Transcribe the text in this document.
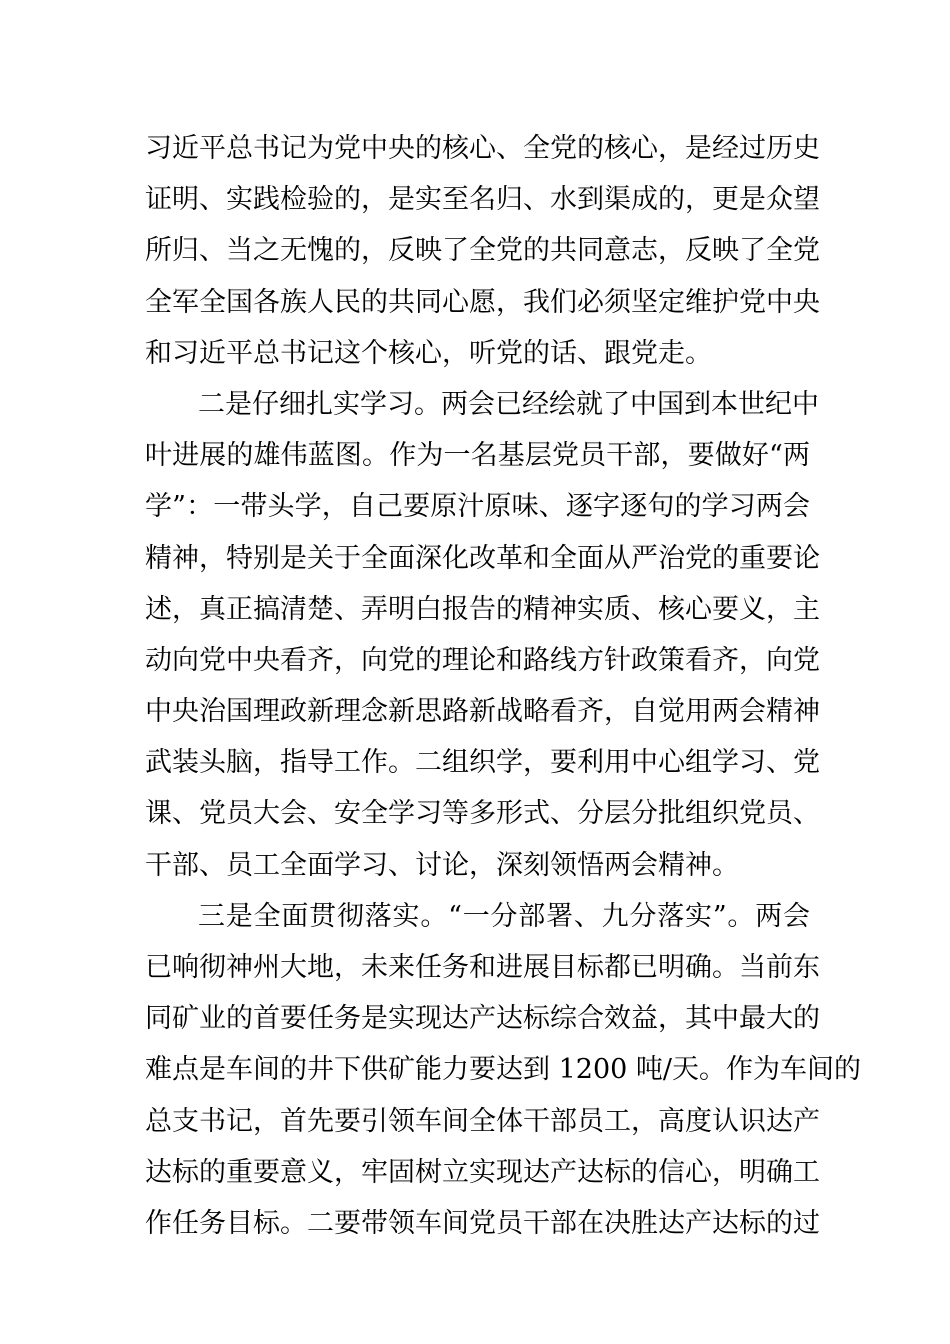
习近平总书记为党中央的核心、全党的核心，是经过历史
证明、实践检验的，是实至名归、水到渠成的，更是众望
所归、当之无愧的，反映了全党的共同意志，反映了全党
全军全国各族人民的共同心愿，我们必须坚定维护党中央
和习近平总书记这个核心，听党的话、跟党走。
二是仔细扎实学习。两会已经绘就了中国到本世纪中
叶进展的雄伟蓝图。作为一名基层党员干部，要做好“两
学”：一带头学，自己要原汁原味、逐字逐句的学习两会
精神，特别是关于全面深化改革和全面从严治党的重要论
述，真正搞清楚、弄明白报告的精神实质、核心要义，主
动向党中央看齐，向党的理论和路线方针政策看齐，向党
中央治国理政新理念新思路新战略看齐，自觉用两会精神
武装头脑，指导工作。二组织学，要利用中心组学习、党
课、党员大会、安全学习等多形式、分层分批组织党员、
干部、员工全面学习、讨论，深刻领悟两会精神。
三是全面贯彻落实。“一分部署、九分落实”。两会
已响彻神州大地，未来任务和进展目标都已明确。当前东
同矿业的首要任务是实现达产达标综合效益，其中最大的
难点是车间的井下供矿能力要达到 1200 吨/天。作为车间的
总支书记，首先要引领车间全体干部员工，高度认识达产
达标的重要意义，牢固树立实现达产达标的信心，明确工
作任务目标。二要带领车间党员干部在决胜达产达标的过
